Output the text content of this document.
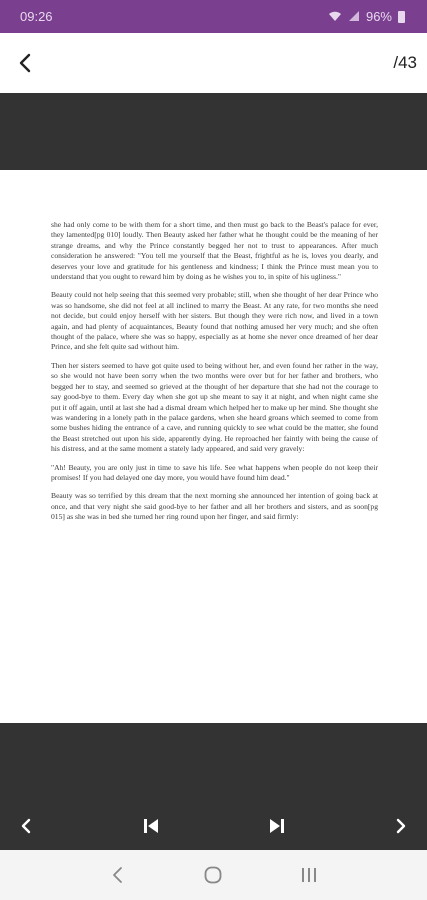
09:26	96%
/43

she had only come to be with them for a short time, and then must go back to the Beast's palace for ever, they lamented[pg 010] loudly. Then Beauty asked her father what he thought could be the meaning of her strange dreams, and why the Prince constantly begged her not to trust to appearances. After much consideration he answered: "You tell me yourself that the Beast, frightful as he is, loves you dearly, and deserves your love and gratitude for his gentleness and kindness; I think the Prince must mean you to understand that you ought to reward him by doing as he wishes you to, in spite of his ugliness."

Beauty could not help seeing that this seemed very probable; still, when she thought of her dear Prince who was so handsome, she did not feel at all inclined to marry the Beast. At any rate, for two months she need not decide, but could enjoy herself with her sisters. But though they were rich now, and lived in a town again, and had plenty of acquaintances, Beauty found that nothing amused her very much; and she often thought of the palace, where she was so happy, especially as at home she never once dreamed of her dear Prince, and she felt quite sad without him.

Then her sisters seemed to have got quite used to being without her, and even found her rather in the way, so she would not have been sorry when the two months were over but for her father and brothers, who begged her to stay, and seemed so grieved at the thought of her departure that she had not the courage to say good-bye to them. Every day when she got up she meant to say it at night, and when night came she put it off again, until at last she had a dismal dream which helped her to make up her mind. She thought she was wandering in a lonely path in the palace gardens, when she heard groans which seemed to come from some bushes hiding the entrance of a cave, and running quickly to see what could be the matter, she found the Beast stretched out upon his side, apparently dying. He reproached her faintly with being the cause of his distress, and at the same moment a stately lady appeared, and said very gravely:

"Ah! Beauty, you are only just in time to save his life. See what happens when people do not keep their promises! If you had delayed one day more, you would have found him dead."

Beauty was so terrified by this dream that the next morning she announced her intention of going back at once, and that very night she said good-bye to her father and all her brothers and sisters, and as soon[pg 015] as she was in bed she turned her ring round upon her finger, and said firmly:
